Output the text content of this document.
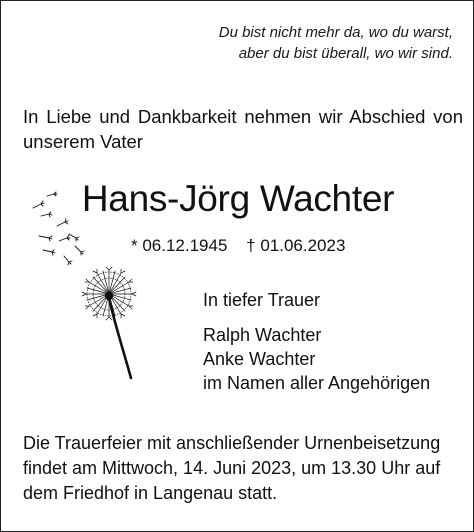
Du bist nicht mehr da, wo du warst,
aber du bist überall, wo wir sind.
In Liebe und Dankbarkeit nehmen wir Abschied von unserem Vater
Hans-Jörg Wachter
* 06.12.1945 † 01.06.2023
In tiefer Trauer
Ralph Wachter
Anke Wachter
im Namen aller Angehörigen
Die Trauerfeier mit anschließender Urnenbeisetzung
findet am Mittwoch, 14. Juni 2023, um 13.30 Uhr auf
dem Friedhof in Langenau statt.
